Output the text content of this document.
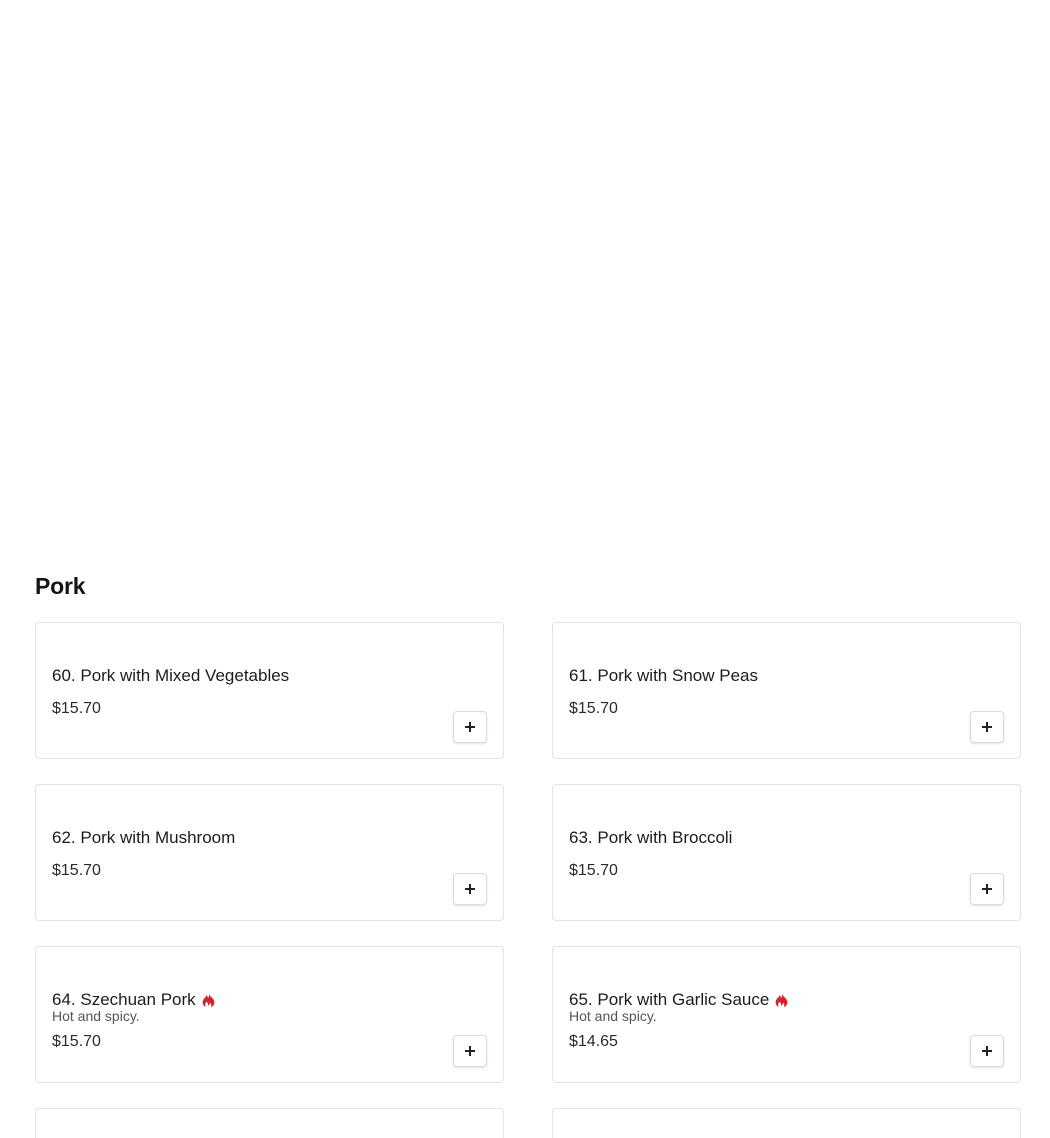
Pork
60. Pork with Mixed Vegetables
$15.70
61. Pork with Snow Peas
$15.70
62. Pork with Mushroom
$15.70
63. Pork with Broccoli
$15.70
64. Szechuan Pork
Hot and spicy.
$15.70
65. Pork with Garlic Sauce
Hot and spicy.
$14.65
